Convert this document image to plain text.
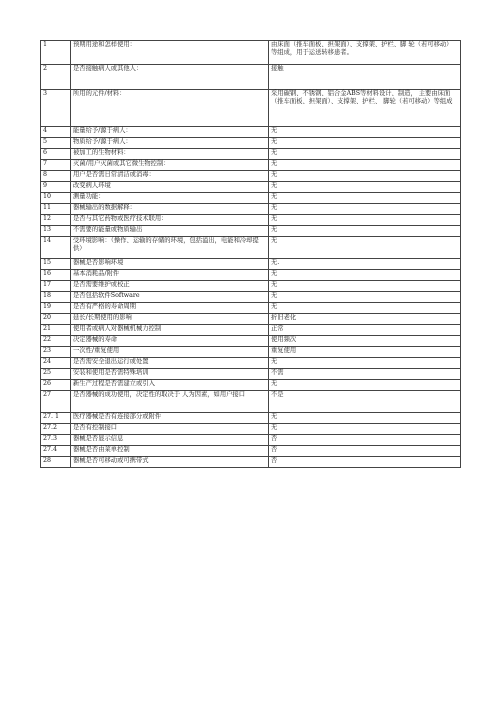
1	预期用途和怎样使用：	由床面（推车面板、担架面）、支撑架、护栏、脚 轮（若可移动）等组成，用于运送转移患者。
2	是否接触病人或其他人：	接触
3	所用的元件/材料：	采用碳钢、不锈钢、铝合金ABS等材料设计、制造， 主要由床面（推车面板、担架面）、支撑架、护栏、 脚轮（若可移动）等组成
4	能量给予/源于病人：	无
5	物质给予/源于病人：	无
6	被加工的生物材料：	无
7	灭菌/用户灭菌或其它微生物控制：	无
8	用户是否需日常清洁或消毒：	无
9	改变病人环境	无
10	测量功能：	无
11	器械输出的数据解释：	无
12	是否与其它药物或医疗技术联用：	无
13	不需要的能量或物质输出	无
14	受环境影响：（操作、运输的存储的环境，包括溢出，电能和冷却提供）	无
15	器械是否影响环境	无.
16	基本消耗品/附件	无
17	是否需要维护或校正	无
18	是否包括软件Software	无
19	是否有严格的寿命周期	无
20	延长/长期使用的影响	折旧老化
21	使用者或病人对器械机械力控制	正常
22	决定器械的寿命	使用频次
23	一次性/重复使用	重复使用
24	是否需安全退出运行或处置	无
25	安装和使用是否需特殊培训	不需
26	新生产过程是否需建立或引入	无
27	是否器械的成功使用，决定性的取决于 人为因素，如用户接口	不是
27. 1	医疗器械是否有连接部分或附件	无
27.2	是否有控制接口	无
27.3	器械是否显示信息	否
27.4	器械是否由菜单控制	否
28	器械是否可移动或可携带式	否
